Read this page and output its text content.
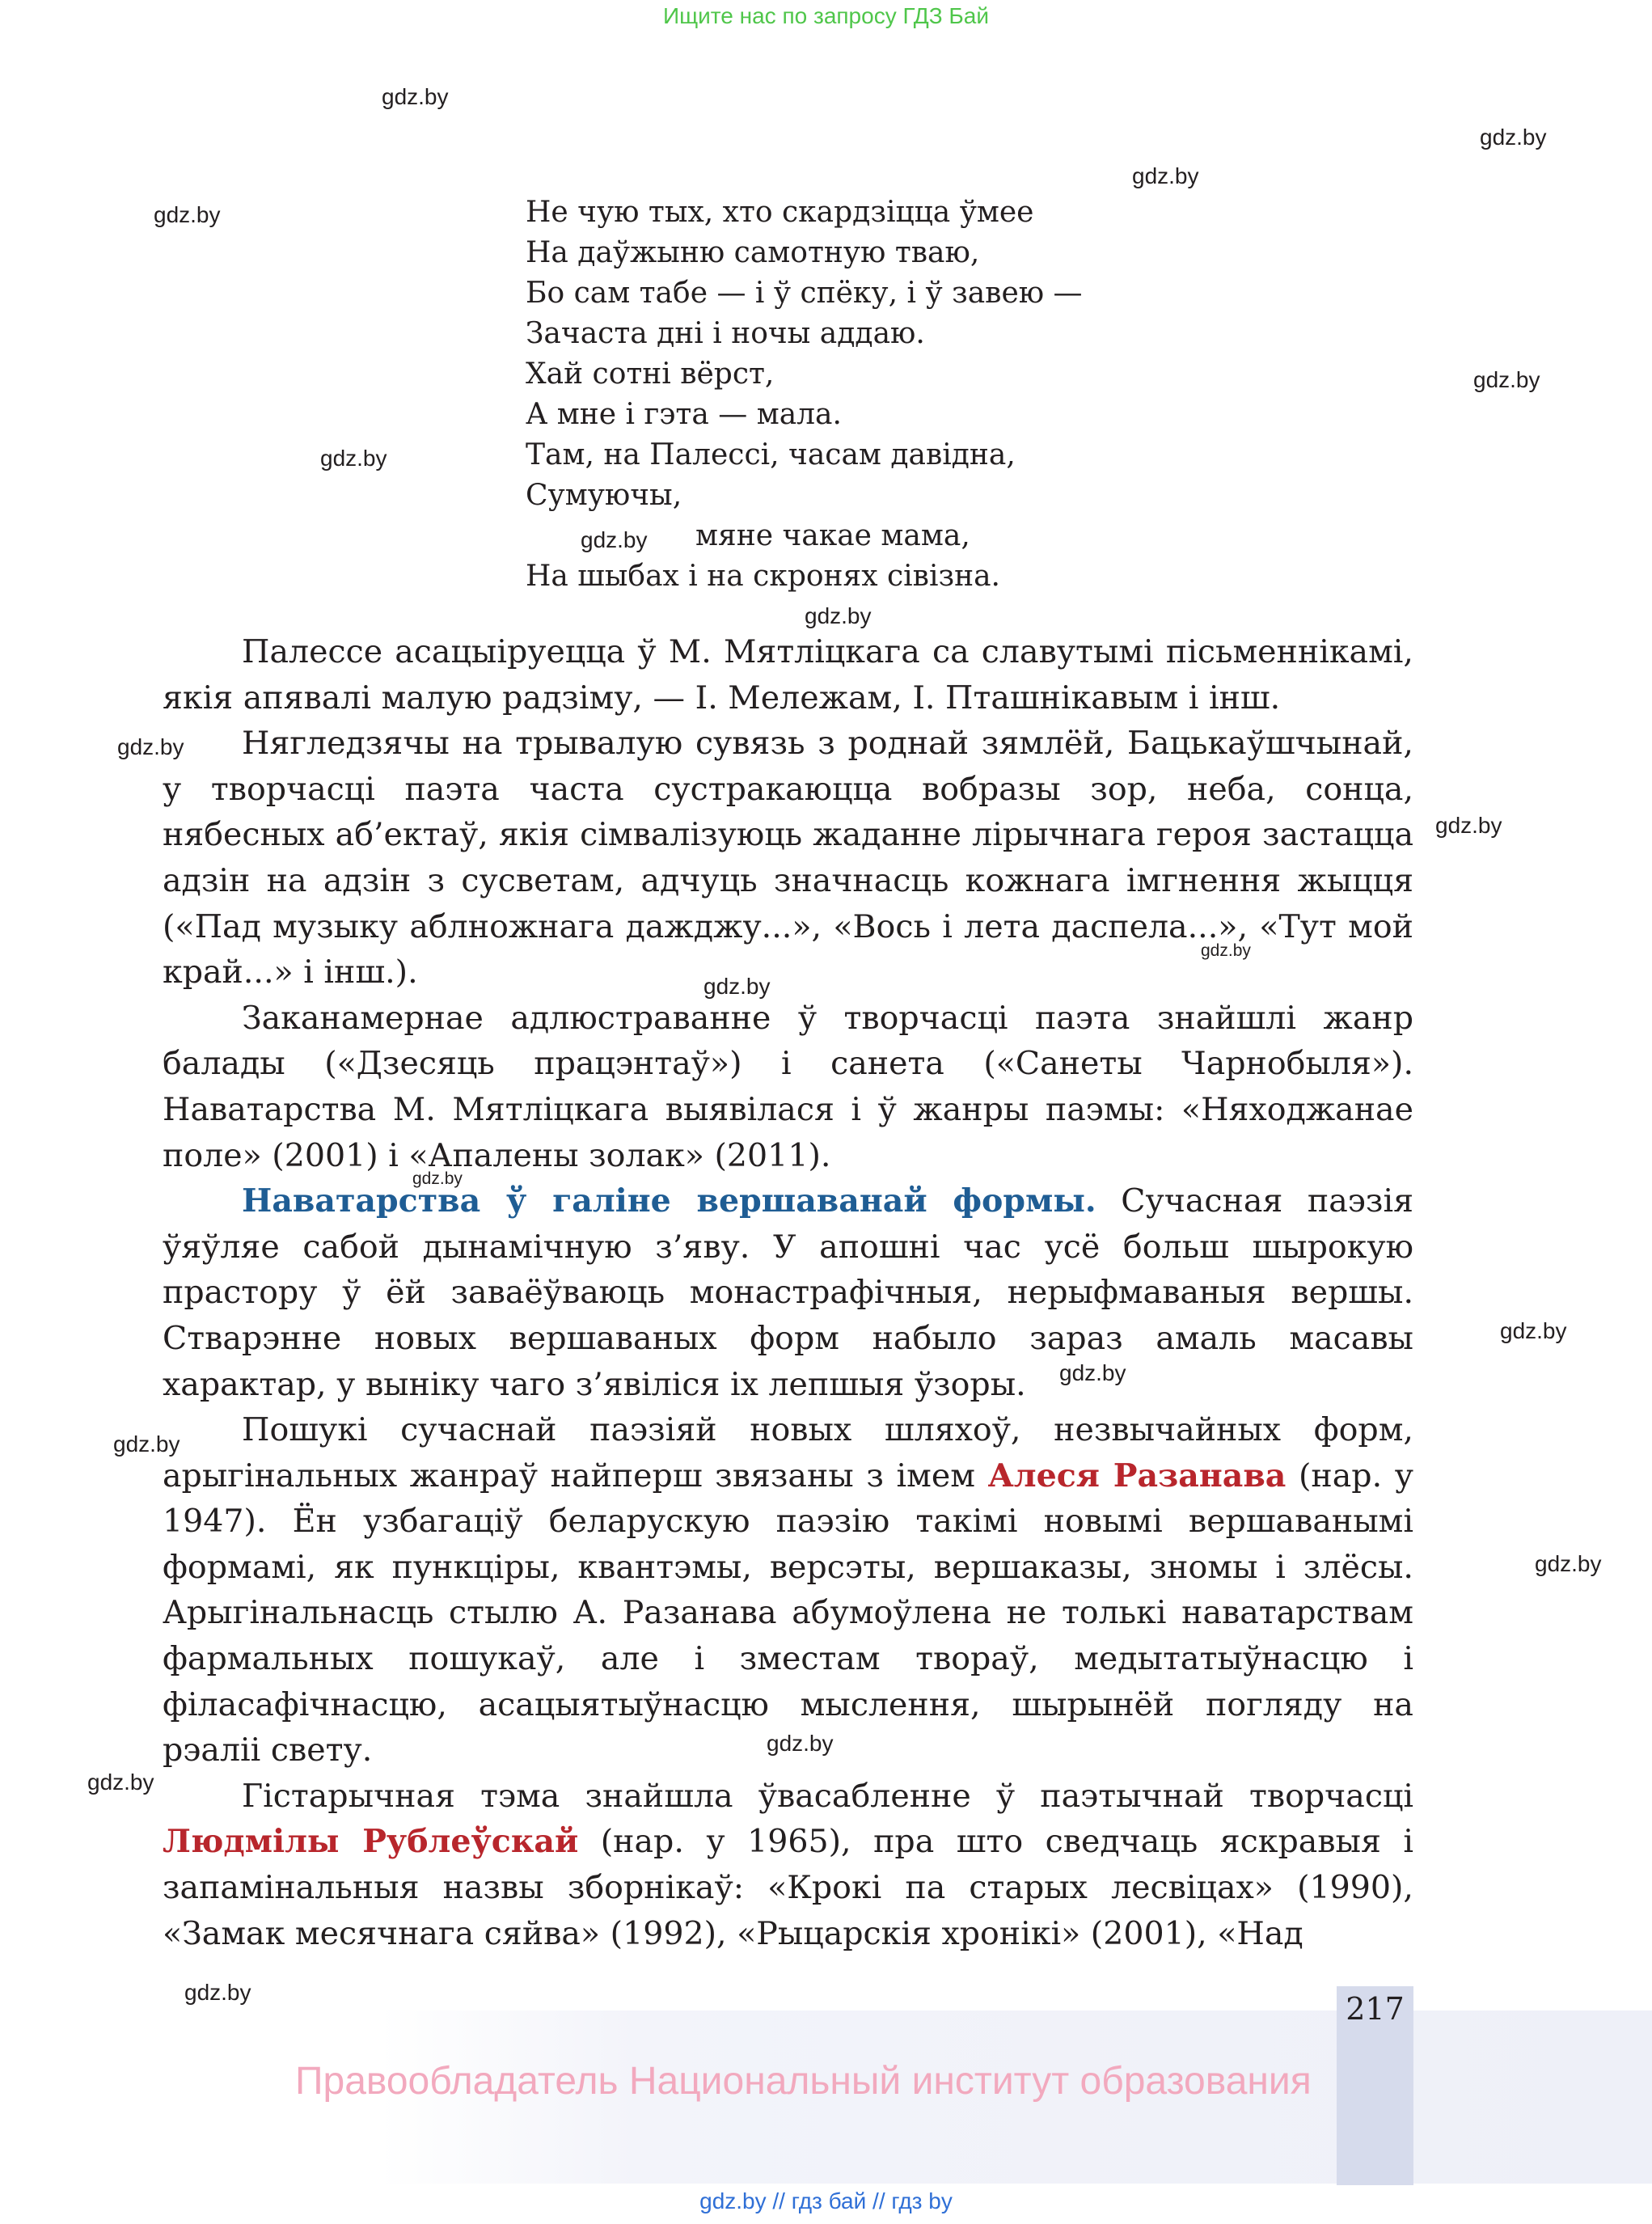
Ищите нас по запросу ГДЗ Бай
gdz.by
gdz.by
gdz.by
gdz.by
gdz.by
gdz.by
gdz.by
gdz.by
gdz.by
gdz.by
gdz.by
gdz.by
gdz.by
gdz.by
gdz.by
gdz.by
gdz.by
gdz.by
gdz.by
gdz.by
Не чую тых, хто скардзіцца ўмее
На даўжыню самотную тваю,
Бо сам табе — і ў спёку, і ў завею —
Зачаста дні і ночы аддаю.
Хай сотні вёрст,
А мне і гэта — мала.
Там, на Палессі, часам давідна,
Сумуючы,
мяне чакае мама,
На шыбах і на скронях сівізна.

Палессе асацыіруецца ў М. Мятліцкага са славутымі пісьменнікамі, якія апявалі малую радзіму, — І. Мележам, І. Пташнікавым і інш.

Нягледзячы на трывалую сувязь з роднай зямлёй, Бацькаўшчынай, у творчасці паэта часта сустракаюцца вобразы зор, неба, сонца, нябесных аб’ектаў, якія сімвалізуюць жаданне лірычнага героя застацца адзін на адзін з сусветам, адчуць значнасць кожнага імгнення жыцця («Пад музыку аблножнага дажджу...», «Вось і лета даспела...», «Тут мой край...» і інш.).

Заканамернае адлюстраванне ў творчасці паэта знайшлі жанр балады («Дзесяць працэнтаў») і санета («Санеты Чарнобыля»). Наватарства М. Мятліцкага выявілася і ў жанры паэмы: «Няходжанае поле» (2001) і «Апалены золак» (2011).

Наватарства ў галіне вершаванай формы. Сучасная паэзія ўяўляе сабой дынамічную з’яву. У апошні час усё больш шырокую прастору ў ёй заваёўваюць монастрафічныя, нерыфмаваныя вершы. Стварэнне новых вершаваных форм набыло зараз амаль масавы характар, у выніку чаго з’явіліся іх лепшыя ўзоры.

Пошукі сучаснай паэзіяй новых шляхоў, незвычайных форм, арыгінальных жанраў найперш звязаны з імем Алеся Разанава (нар. у 1947). Ён узбагаціў беларускую паэзію такімі новымі вершаванымі формамі, як пункціры, квантэмы, версэты, вершаказы, зномы і злёсы. Арыгінальнасць стылю А. Разанава абумоўлена не толькі наватарствам фармальных пошукаў, але і зместам твораў, медытатыўнасцю і філасафічнасцю, асацыятыўнасцю мыслення, шырынёй погляду на рэаліі свету.

Гістарычная тэма знайшла ўвасабленне ў паэтычнай творчасці Людмілы Рублеўскай (нар. у 1965), пра што сведчаць яскравыя і запамінальныя назвы зборнікаў: «Крокі па старых лесвіцах» (1990), «Замак месячнага сяйва» (1992), «Рыцарскія хронікі» (2001), «Над

217
Правообладатель Национальный институт образования
gdz.by // гдз бай // гдз by
